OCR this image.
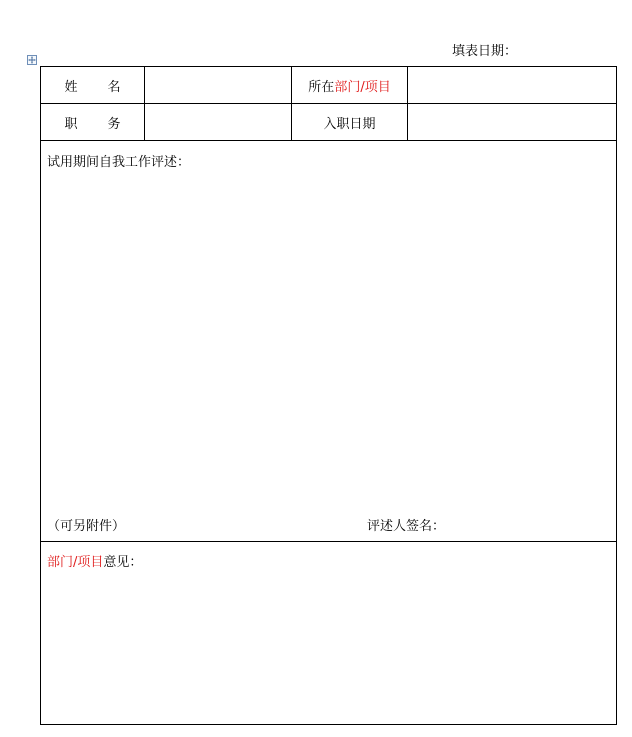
填表日期：
姓 名	所在 部门/项目
职 务	入职日期
试用期间自我工作评述：
（可另附件）	评述人签名：
部门/项目意见：
